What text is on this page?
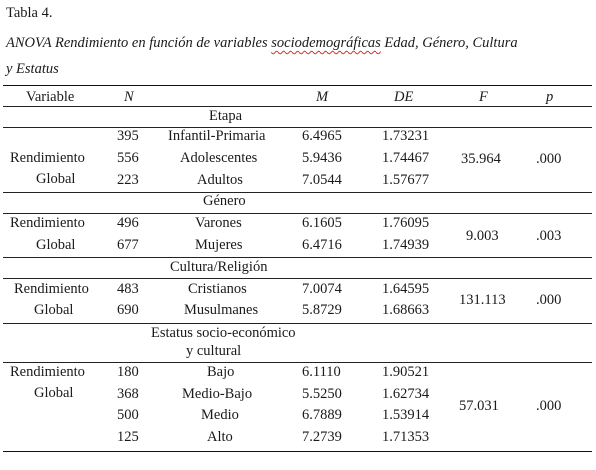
Tabla 4.
ANOVA Rendimiento en función de variables sociodemográficas Edad, Género, Cultura
y Estatus
Variable	N	M	DE	F	p
Etapa
Rendimiento
Global
395 Infantil-Primaria	6.4965	1.73231
556	Adolescentes	5.9436	1.74467
223	Adultos	7.0544	1.57677
35.964 .000
Género
Rendimiento
Global
496	Varones	6.1605	1.76095
677	Mujeres	6.4716	1.74939
9.003	.003
Cultura/Religión
Rendimiento
Global
483	Cristianos	7.0074	1.64595
690	Musulmanes	5.8729	1.68663
131.113 .000
Estatus socio-económico
y cultural
Rendimiento
Global
180	Bajo	6.1110	1.90521
368	Medio-Bajo	5.5250	1.62734
500	Medio	6.7889	1.53914
125	Alto	7.2739	1.71353
57.031	.000
